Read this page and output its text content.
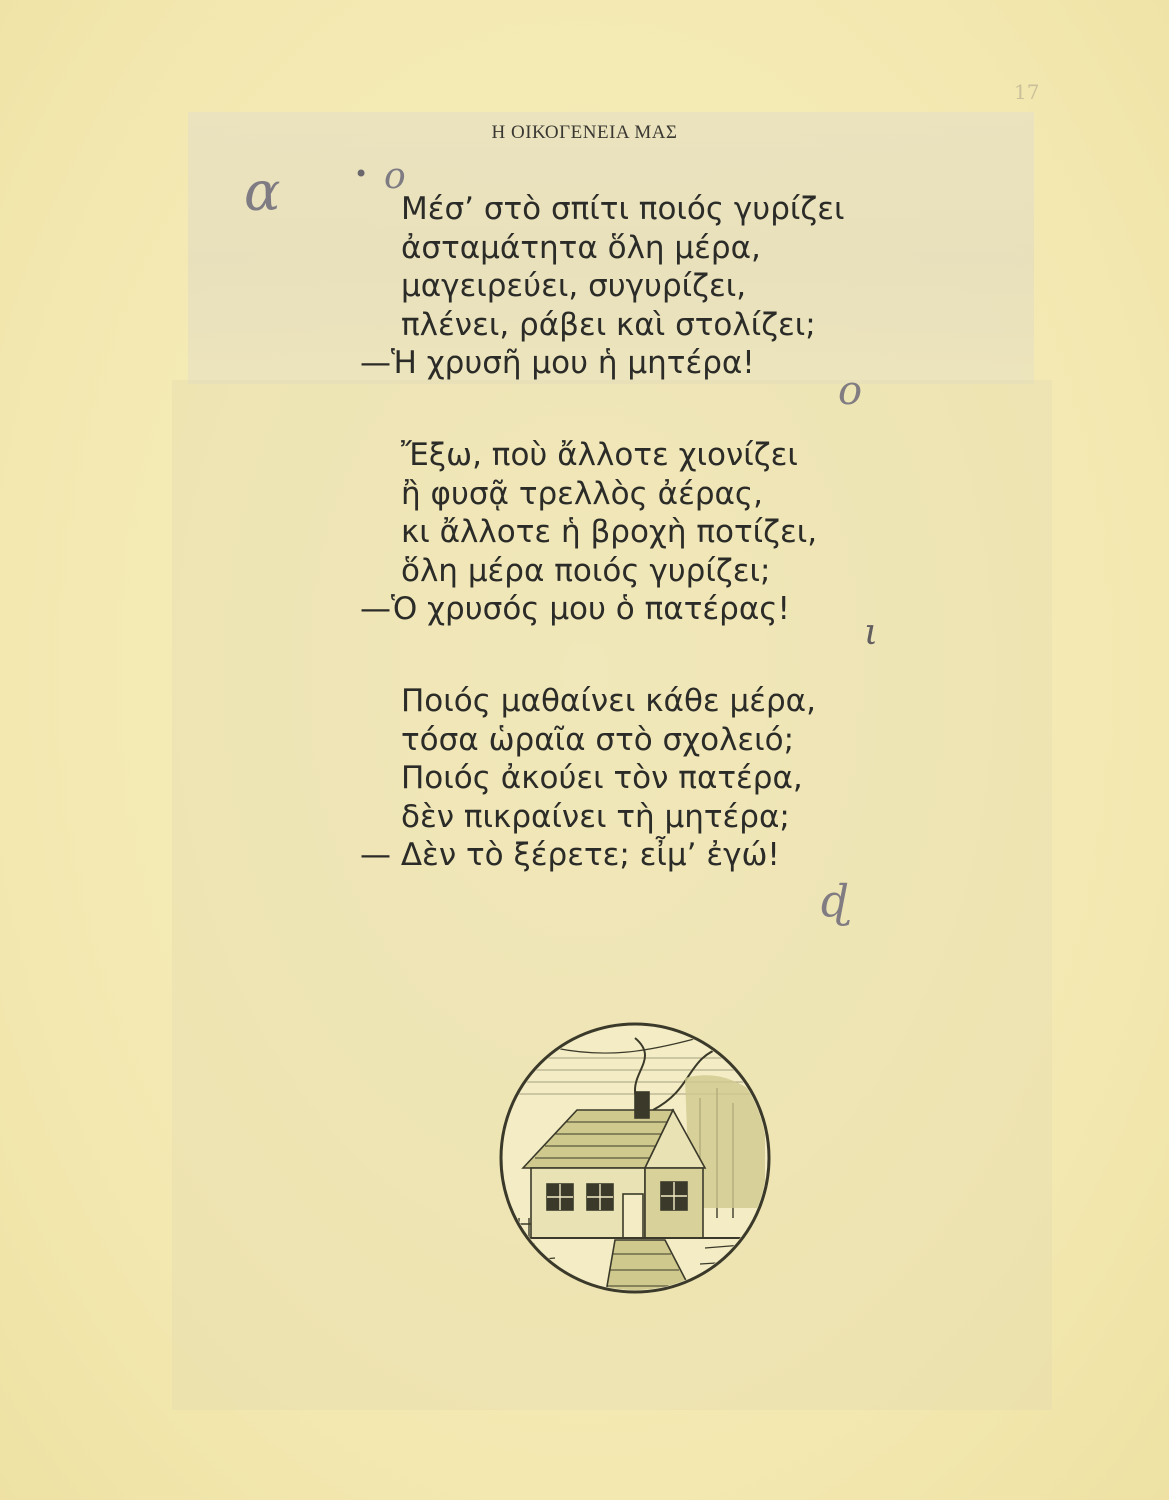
17
Η ΟΙΚΟΓΕΝΕΙΑ ΜΑΣ
Μέσ’ στὸ σπίτι ποιός γυρίζει
ἀσταμάτητα ὅλη μέρα,
μαγειρεύει, συγυρίζει,
πλένει, ράβει καὶ στολίζει;
—Ἡ χρυσῆ μου ἡ μητέρα!
Ἔξω, ποὺ ἄλλοτε χιονίζει
ἢ φυσᾷ τρελλὸς ἀέρας,
κι ἄλλοτε ἡ βροχὴ ποτίζει,
ὅλη μέρα ποιός γυρίζει;
—Ὁ χρυσός μου ὁ πατέρας!
Ποιός μαθαίνει κάθε μέρα,
τόσα ὡραῖα στὸ σχολειό;
Ποιός ἀκούει τὸν πατέρα,
δὲν πικραίνει τὴ μητέρα;
— Δὲν τὸ ξέρετε; εἶμ’ ἐγώ!
α	• ο
ο
ι
ɖ
